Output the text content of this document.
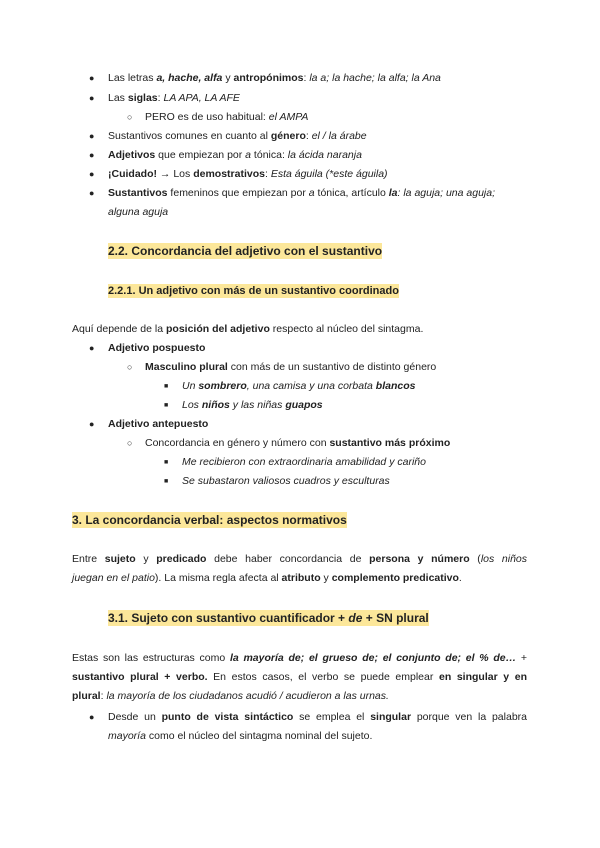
● Las letras a, hache, alfa y antropónimos: la a; la hache; la alfa; la Ana
● Las siglas: LA APA, LA AFE
○ PERO es de uso habitual: el AMPA
● Sustantivos comunes en cuanto al género: el / la árabe
● Adjetivos que empiezan por a tónica: la ácida naranja
● ¡Cuidado! → Los demostrativos: Esta águila (*este águila)
● Sustantivos femeninos que empiezan por a tónica, artículo la: la aguja; una aguja;
alguna aguja
2.2. Concordancia del adjetivo con el sustantivo
2.2.1. Un adjetivo con más de un sustantivo coordinado
Aquí depende de la posición del adjetivo respecto al núcleo del sintagma.
● Adjetivo pospuesto
○ Masculino plural con más de un sustantivo de distinto género
■ Un sombrero, una camisa y una corbata blancos
■ Los niños y las niñas guapos
● Adjetivo antepuesto
○ Concordancia en género y número con sustantivo más próximo
■ Me recibieron con extraordinaria amabilidad y cariño
■ Se subastaron valiosos cuadros y esculturas
3. La concordancia verbal: aspectos normativos
Entre sujeto y predicado debe haber concordancia de persona y número (los niños
juegan en el patio). La misma regla afecta al atributo y complemento predicativo.
3.1. Sujeto con sustantivo cuantificador + de + SN plural
Estas son las estructuras como la mayoría de; el grueso de; el conjunto de; el % de… +
sustantivo plural + verbo. En estos casos, el verbo se puede emplear en singular y en
plural: la mayoría de los ciudadanos acudió / acudieron a las urnas.
● Desde un punto de vista sintáctico se emplea el singular porque ven la palabra
mayoría como el núcleo del sintagma nominal del sujeto.
